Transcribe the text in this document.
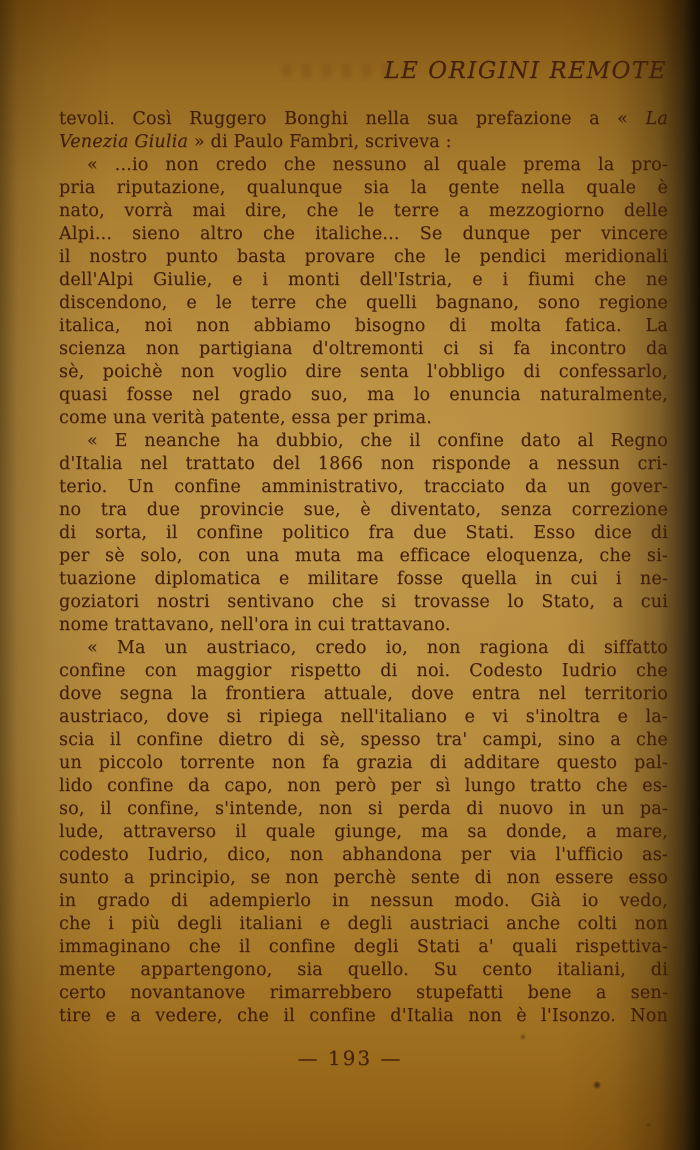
LE ORIGINI REMOTE
tevoli. Così Ruggero Bonghi nella sua prefazione a « La
Venezia Giulia » di Paulo Fambri, scriveva :
« ...io non credo che nessuno al quale prema la pro-
pria riputazione, qualunque sia la gente nella quale è
nato, vorrà mai dire, che le terre a mezzogiorno delle
Alpi... sieno altro che italiche... Se dunque per vincere
il nostro punto basta provare che le pendici meridionali
dell'Alpi Giulie, e i monti dell'Istria, e i fiumi che ne
discendono, e le terre che quelli bagnano, sono regione
italica, noi non abbiamo bisogno di molta fatica. La
scienza non partigiana d'oltremonti ci si fa incontro da
sè, poichè non voglio dire senta l'obbligo di confessarlo,
quasi fosse nel grado suo, ma lo enuncia naturalmente,
come una verità patente, essa per prima.
« E neanche ha dubbio, che il confine dato al Regno
d'Italia nel trattato del 1866 non risponde a nessun cri-
terio. Un confine amministrativo, tracciato da un gover-
no tra due provincie sue, è diventato, senza correzione
di sorta, il confine politico fra due Stati. Esso dice di
per sè solo, con una muta ma efficace eloquenza, che si-
tuazione diplomatica e militare fosse quella in cui i ne-
goziatori nostri sentivano che si trovasse lo Stato, a cui
nome trattavano, nell'ora in cui trattavano.
« Ma un austriaco, credo io, non ragiona di siffatto
confine con maggior rispetto di noi. Codesto Iudrio che
dove segna la frontiera attuale, dove entra nel territorio
austriaco, dove si ripiega nell'italiano e vi s'inoltra e la-
scia il confine dietro di sè, spesso tra' campi, sino a che
un piccolo torrente non fa grazia di additare questo pal-
lido confine da capo, non però per sì lungo tratto che es-
so, il confine, s'intende, non si perda di nuovo in un pa-
lude, attraverso il quale giunge, ma sa donde, a mare,
codesto Iudrio, dico, non abhandona per via l'ufficio as-
sunto a principio, se non perchè sente di non essere esso
in grado di adempierlo in nessun modo. Già io vedo,
che i più degli italiani e degli austriaci anche colti non
immaginano che il confine degli Stati a' quali rispettiva-
mente appartengono, sia quello. Su cento italiani, di
certo novantanove rimarrebbero stupefatti bene a sen-
tire e a vedere, che il confine d'Italia non è l'Isonzo. Non
— 193 —
